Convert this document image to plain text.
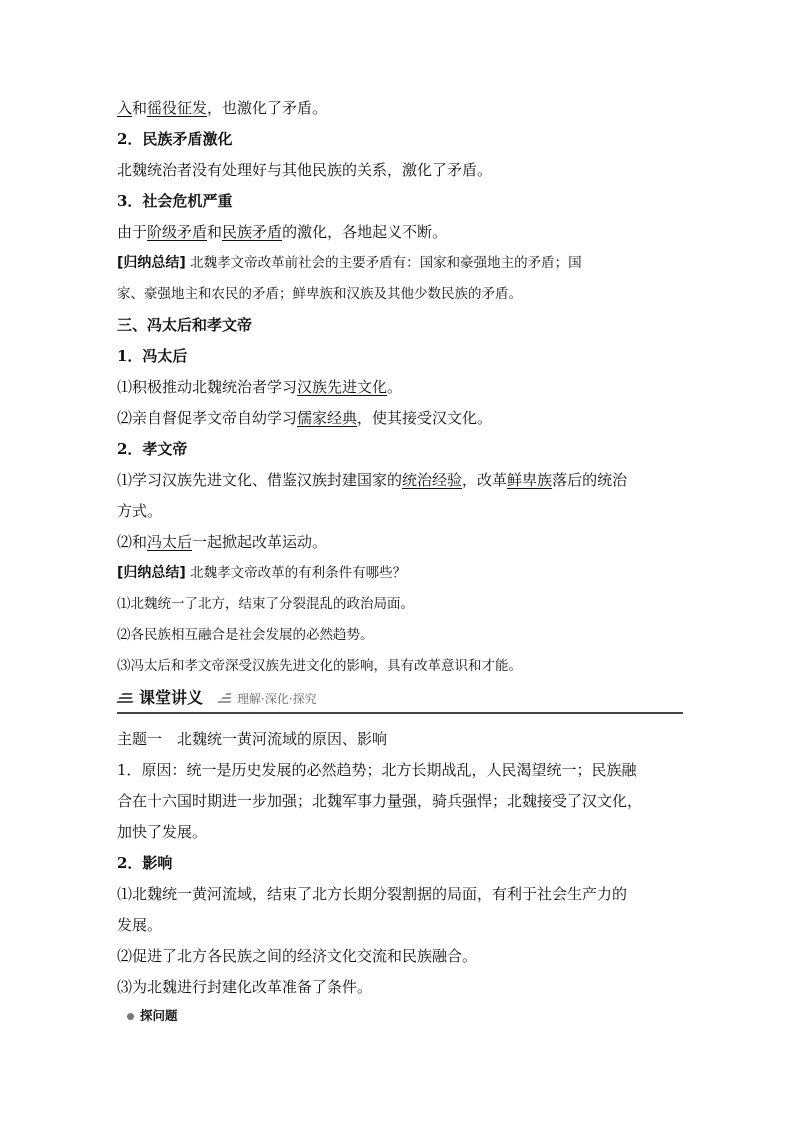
入和徭役征发，也激化了矛盾。
2．民族矛盾激化
北魏统治者没有处理好与其他民族的关系，激化了矛盾。
3．社会危机严重
由于阶级矛盾和民族矛盾的激化，各地起义不断。
[归纳总结] 北魏孝文帝改革前社会的主要矛盾有：国家和豪强地主的矛盾；国
家、豪强地主和农民的矛盾；鲜卑族和汉族及其他少数民族的矛盾。
三、冯太后和孝文帝
1．冯太后
⑴积极推动北魏统治者学习汉族先进文化。
⑵亲自督促孝文帝自幼学习儒家经典，使其接受汉文化。
2．孝文帝
⑴学习汉族先进文化、借鉴汉族封建国家的统治经验，改革鲜卑族落后的统治
方式。
⑵和冯太后一起掀起改革运动。
[归纳总结] 北魏孝文帝改革的有利条件有哪些？
⑴北魏统一了北方，结束了分裂混乱的政治局面。
⑵各民族相互融合是社会发展的必然趋势。
⑶冯太后和孝文帝深受汉族先进文化的影响，具有改革意识和才能。
课堂讲义	理解·深化·探究
主题一　北魏统一黄河流域的原因、影响
1．原因：统一是历史发展的必然趋势；北方长期战乱，人民渴望统一；民族融
合在十六国时期进一步加强；北魏军事力量强，骑兵强悍；北魏接受了汉文化，
加快了发展。
2．影响
⑴北魏统一黄河流域，结束了北方长期分裂割据的局面，有利于社会生产力的
发展。
⑵促进了北方各民族之间的经济文化交流和民族融合。
⑶为北魏进行封建化改革准备了条件。
探问题
